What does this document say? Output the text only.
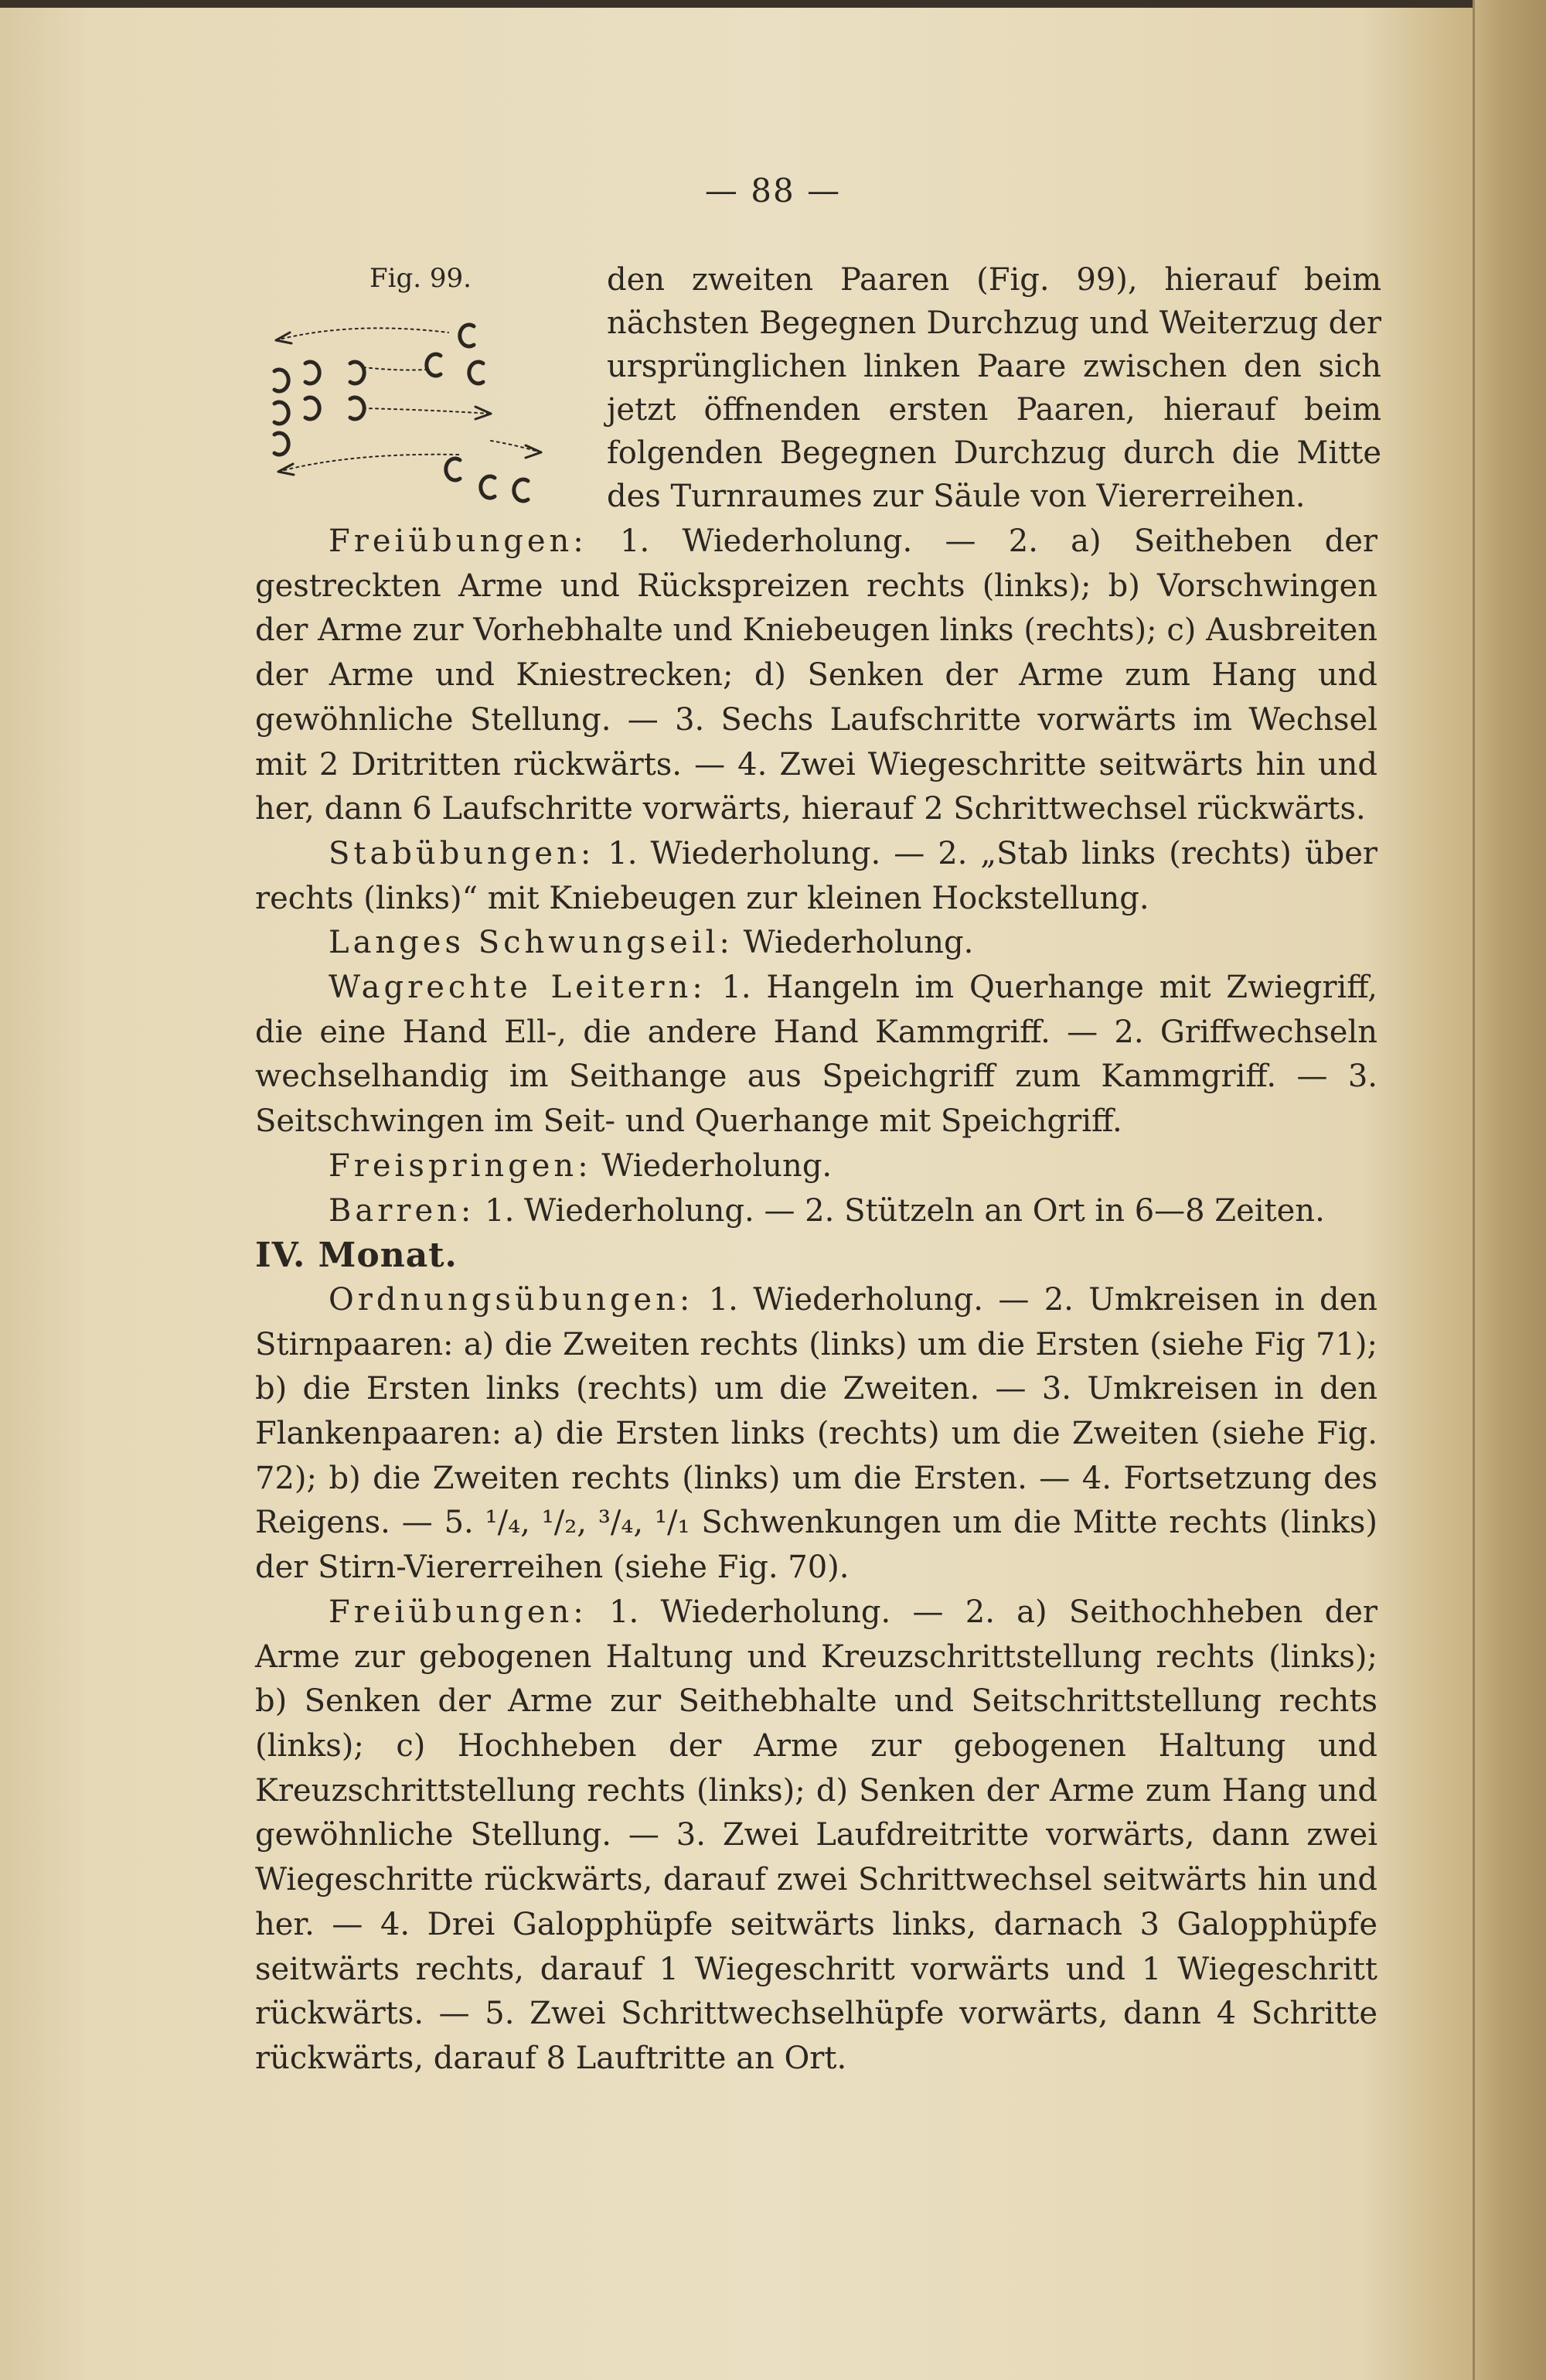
— 88 —
Fig. 99.	den zweiten Paaren (Fig. 99), hierauf beim nächsten Begegnen Durchzug und Weiterzug der ursprünglichen linken Paare zwischen den sich jetzt öffnenden ersten Paaren, hierauf beim folgenden Begegnen Durchzug durch die Mitte des Turnraumes zur Säule von Viererreihen.

Freiübungen: 1. Wiederholung. — 2. a) Seitheben der gestreckten Arme und Rückspreizen rechts (links); b) Vorschwingen der Arme zur Vorhebhalte und Kniebeugen links (rechts); c) Ausbreiten der Arme und Kniestrecken; d) Senken der Arme zum Hang und gewöhnliche Stellung. — 3. Sechs Laufschritte vorwärts im Wechsel mit 2 Dritritten rückwärts. — 4. Zwei Wiegeschritte seitwärts hin und her, dann 6 Laufschritte vorwärts, hierauf 2 Schrittwechsel rückwärts.

Stabübungen: 1. Wiederholung. — 2. „Stab links (rechts) über rechts (links)“ mit Kniebeugen zur kleinen Hockstellung.

Langes Schwungseil: Wiederholung.

Wagrechte Leitern: 1. Hangeln im Querhange mit Zwiegriff, die eine Hand Ell-, die andere Hand Kammgriff. — 2. Griffwechseln wechselhandig im Seithange aus Speichgriff zum Kammgriff. — 3. Seitschwingen im Seit- und Querhange mit Speichgriff.

Freispringen: Wiederholung.

Barren: 1. Wiederholung. — 2. Stützeln an Ort in 6—8 Zeiten.

IV. Monat.

Ordnungsübungen: 1. Wiederholung. — 2. Umkreisen in den Stirnpaaren: a) die Zweiten rechts (links) um die Ersten (siehe Fig 71); b) die Ersten links (rechts) um die Zweiten. — 3. Umkreisen in den Flankenpaaren: a) die Ersten links (rechts) um die Zweiten (siehe Fig. 72); b) die Zweiten rechts (links) um die Ersten. — 4. Fortsetzung des Reigens. — 5. ¹/₄, ¹/₂, ³/₄, ¹/₁ Schwenkungen um die Mitte rechts (links) der Stirn-Viererreihen (siehe Fig. 70).

Freiübungen: 1. Wiederholung. — 2. a) Seithochheben der Arme zur gebogenen Haltung und Kreuzschrittstellung rechts (links); b) Senken der Arme zur Seithebhalte und Seitschrittstellung rechts (links); c) Hochheben der Arme zur gebogenen Haltung und Kreuzschrittstellung rechts (links); d) Senken der Arme zum Hang und gewöhnliche Stellung. — 3. Zwei Laufdreitritte vorwärts, dann zwei Wiegeschritte rückwärts, darauf zwei Schrittwechsel seitwärts hin und her. — 4. Drei Galopphüpfe seitwärts links, darnach 3 Galopphüpfe seitwärts rechts, darauf 1 Wiegeschritt vorwärts und 1 Wiegeschritt rückwärts. — 5. Zwei Schrittwechselhüpfe vorwärts, dann 4 Schritte rückwärts, darauf 8 Lauftritte an Ort.
